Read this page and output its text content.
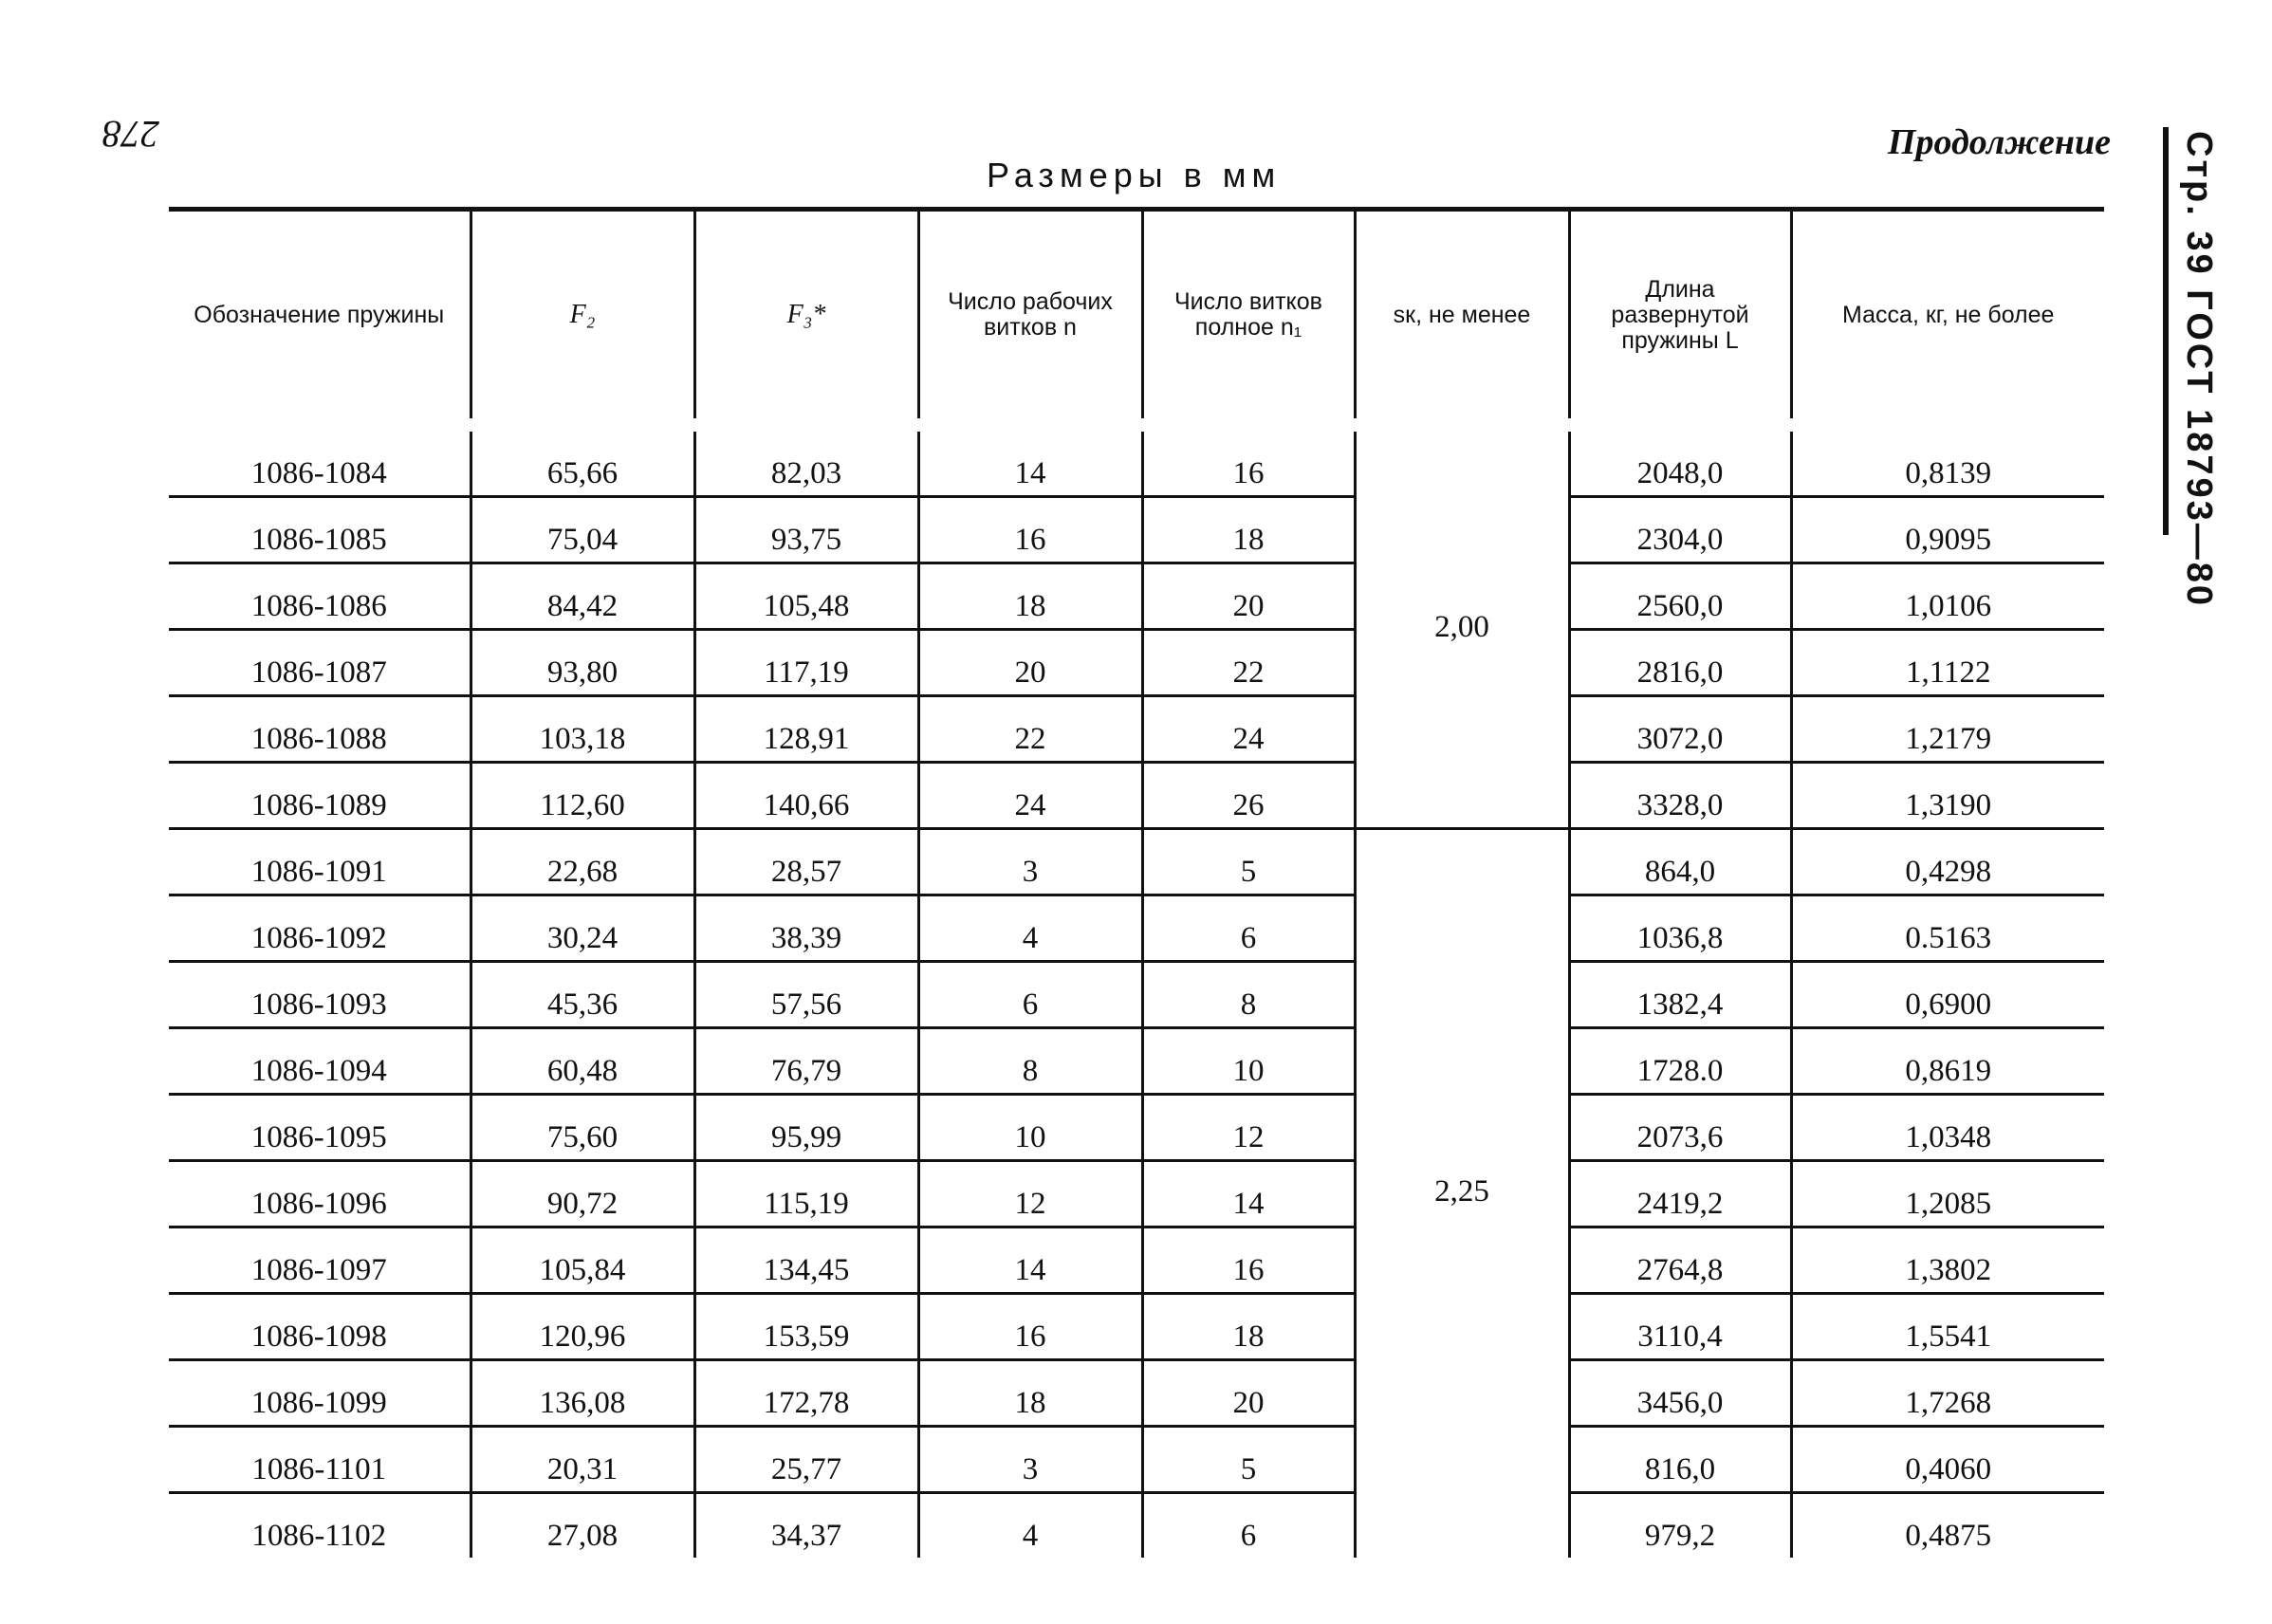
278	Стр. 39 ГОСТ 18793—80
Продолжение
Размеры в мм
Обозначение пружины	F₂	F₃*	Число рабочих витков n	Число витков полное n₁	sк, не менее	Длина развернутой пружины L	Масса, кг, не более
1086-1084	65,66	82,03	14	16	2,00	2048,0	0,8139
1086-1085	75,04	93,75	16	18		2304,0	0,9095
1086-1086	84,42	105,48	18	20		2560,0	1,0106
1086-1087	93,80	117,19	20	22		2816,0	1,1122
1086-1088	103,18	128,91	22	24		3072,0	1,2179
1086-1089	112,60	140,66	24	26		3328,0	1,3190
1086-1091	22,68	28,57	3	5	2,25	864,0	0,4298
1086-1092	30,24	38,39	4	6		1036,8	0.5163
1086-1093	45,36	57,56	6	8		1382,4	0,6900
1086-1094	60,48	76,79	8	10		1728.0	0,8619
1086-1095	75,60	95,99	10	12		2073,6	1,0348
1086-1096	90,72	115,19	12	14		2419,2	1,2085
1086-1097	105,84	134,45	14	16		2764,8	1,3802
1086-1098	120,96	153,59	16	18		3110,4	1,5541
1086-1099	136,08	172,78	18	20		3456,0	1,7268
1086-1101	20,31	25,77	3	5		816,0	0,4060
1086-1102	27,08	34,37	4	6		979,2	0,4875
